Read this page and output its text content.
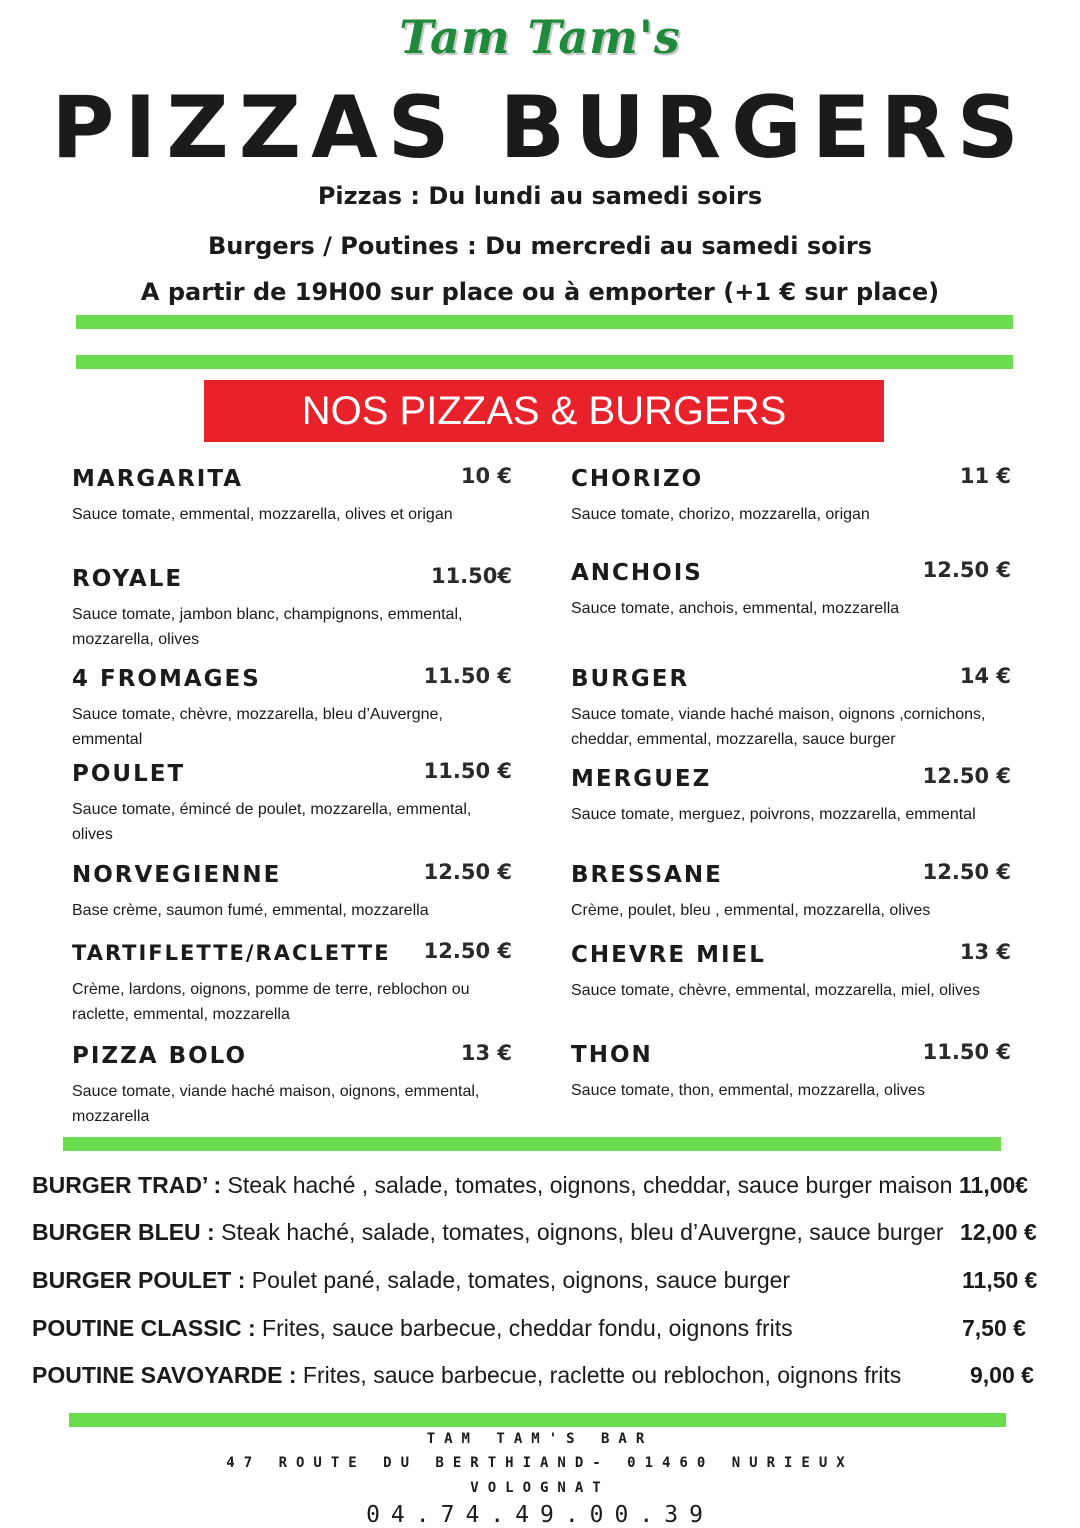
Tam Tam's
PIZZAS BURGERS
Pizzas : Du lundi au samedi soirs
Burgers / Poutines : Du mercredi au samedi soirs
A partir de 19H00 sur place ou à emporter (+1 € sur place)
NOS PIZZAS & BURGERS
MARGARITA	10 €
Sauce tomate, emmental, mozzarella, olives et origan
ROYALE	11.50€
Sauce tomate, jambon blanc, champignons, emmental, mozzarella, olives
4 FROMAGES	11.50 €
Sauce tomate, chèvre, mozzarella, bleu d’Auvergne, emmental
POULET	11.50 €
Sauce tomate, émincé de poulet, mozzarella, emmental, olives
NORVEGIENNE	12.50 €
Base crème, saumon fumé, emmental, mozzarella
TARTIFLETTE/RACLETTE 12.50 €
Crème, lardons, oignons, pomme de terre, reblochon ou raclette, emmental, mozzarella
PIZZA BOLO	13 €
Sauce tomate, viande haché maison, oignons, emmental, mozzarella
CHORIZO	11 €
Sauce tomate, chorizo, mozzarella, origan
ANCHOIS	12.50 €
Sauce tomate, anchois, emmental, mozzarella
BURGER	14 €
Sauce tomate, viande haché maison, oignons ,cornichons, cheddar, emmental, mozzarella, sauce burger
MERGUEZ	12.50 €
Sauce tomate, merguez, poivrons, mozzarella, emmental
BRESSANE	12.50 €
Crème, poulet, bleu , emmental, mozzarella, olives
CHEVRE MIEL	13 €
Sauce tomate, chèvre, emmental, mozzarella, miel, olives
THON	11.50 €
Sauce tomate, thon, emmental, mozzarella, olives
BURGER TRAD’ : Steak haché , salade, tomates, oignons, cheddar, sauce burger maison 11,00€
BURGER BLEU : Steak haché, salade, tomates, oignons, bleu d’Auvergne, sauce burger 12,00 €
BURGER POULET : Poulet pané, salade, tomates, oignons, sauce burger	11,50 €
POUTINE CLASSIC : Frites, sauce barbecue, cheddar fondu, oignons frits	7,50 €
POUTINE SAVOYARDE : Frites, sauce barbecue, raclette ou reblochon, oignons frits	9,00 €
TAM TAM'S BAR
47 ROUTE DU BERTHIAND- 01460 NURIEUX
VOLOGNAT
04.74.49.00.39
